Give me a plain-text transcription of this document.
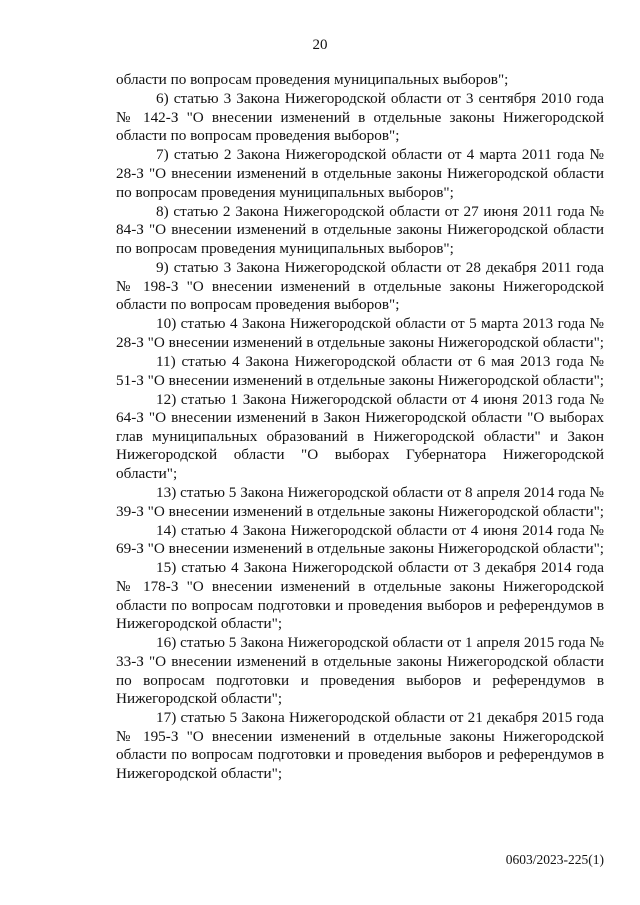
20

области по вопросам проведения муниципальных выборов";

6) статью 3 Закона Нижегородской области от 3 сентября 2010 года № 142-З "О внесении изменений в отдельные законы Нижегородской области по вопросам проведения выборов";

7) статью 2 Закона Нижегородской области от 4 марта 2011 года № 28-З "О внесении изменений в отдельные законы Нижегородской области по вопросам проведения муниципальных выборов";

8) статью 2 Закона Нижегородской области от 27 июня 2011 года № 84-З "О внесении изменений в отдельные законы Нижегородской области по вопросам проведения муниципальных выборов";

9) статью 3 Закона Нижегородской области от 28 декабря 2011 года № 198-З "О внесении изменений в отдельные законы Нижегородской области по вопросам проведения выборов";

10) статью 4 Закона Нижегородской области от 5 марта 2013 года № 28-З "О внесении изменений в отдельные законы Нижегородской области";

11) статью 4 Закона Нижегородской области от 6 мая 2013 года № 51-З "О внесении изменений в отдельные законы Нижегородской области";

12) статью 1 Закона Нижегородской области от 4 июня 2013 года № 64-З "О внесении изменений в Закон Нижегородской области "О выборах глав муниципальных образований в Нижегородской области" и Закон Нижегородской области "О выборах Губернатора Нижегородской области";

13) статью 5 Закона Нижегородской области от 8 апреля 2014 года № 39-З "О внесении изменений в отдельные законы Нижегородской области";

14) статью 4 Закона Нижегородской области от 4 июня 2014 года № 69-З "О внесении изменений в отдельные законы Нижегородской области";

15) статью 4 Закона Нижегородской области от 3 декабря 2014 года № 178-З "О внесении изменений в отдельные законы Нижегородской области по вопросам подготовки и проведения выборов и референдумов в Нижегородской области";

16) статью 5 Закона Нижегородской области от 1 апреля 2015 года № 33-З "О внесении изменений в отдельные законы Нижегородской области по вопросам подготовки и проведения выборов и референдумов в Нижегородской области";

17) статью 5 Закона Нижегородской области от 21 декабря 2015 года № 195-З "О внесении изменений в отдельные законы Нижегородской области по вопросам подготовки и проведения выборов и референдумов в Нижегородской области";

0603/2023-225(1)
